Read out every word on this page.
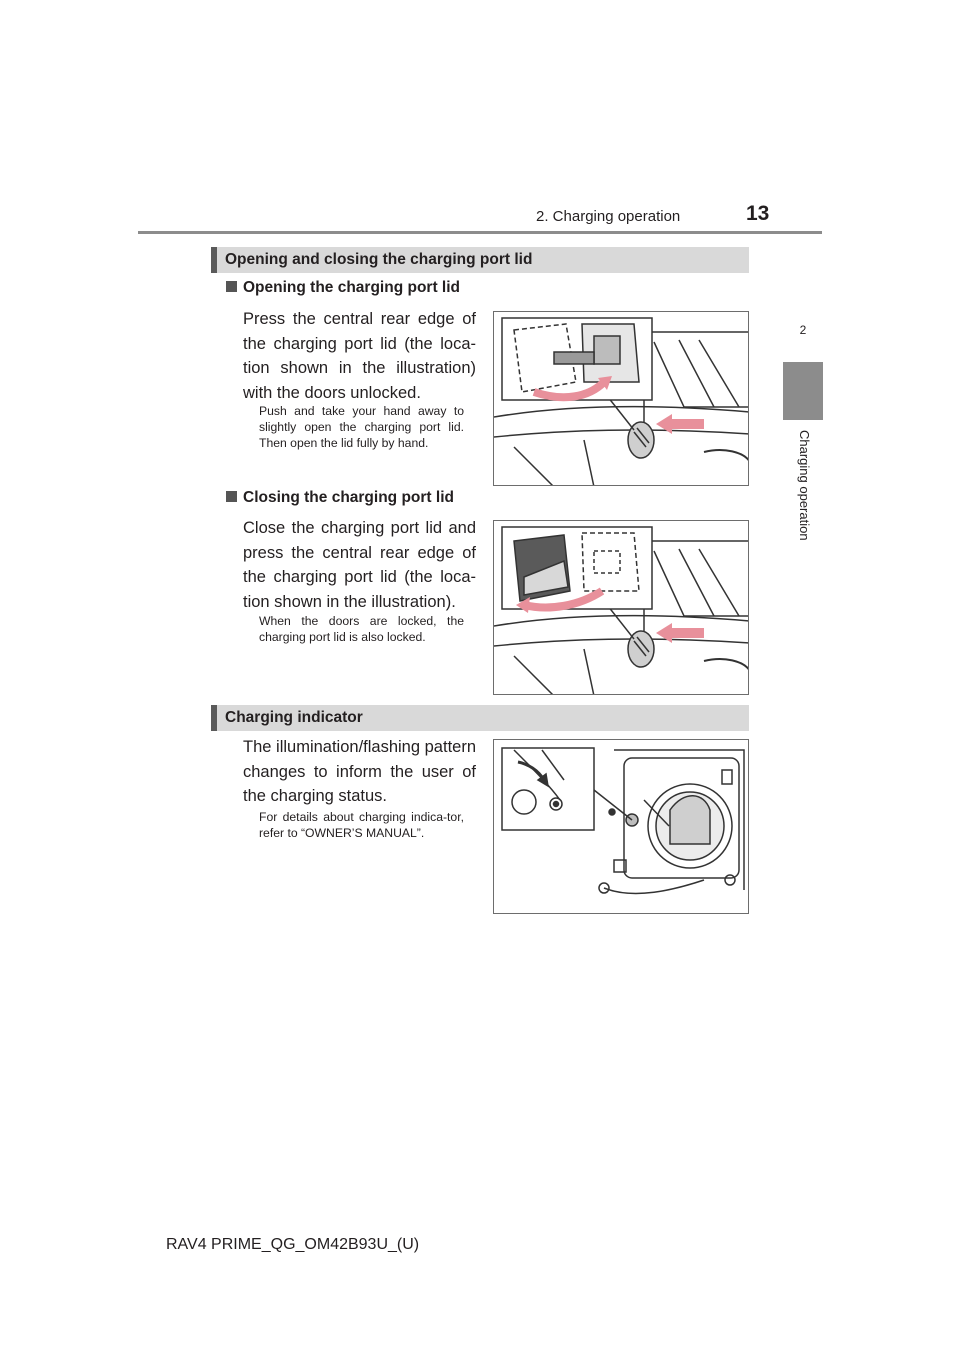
2. Charging operation	13
2
Charging operation
Opening and closing the charging port lid
Opening the charging port lid
Press the central rear edge of the charging port lid (the loca-tion shown in the illustration) with the doors unlocked.
Push and take your hand away to slightly open the charging port lid. Then open the lid fully by hand.
Closing the charging port lid
Close the charging port lid and press the central rear edge of the charging port lid (the loca-tion shown in the illustration).
When the doors are locked, the charging port lid is also locked.
Charging indicator
The illumination/flashing pattern changes to inform the user of the charging status.
For details about charging indica-tor, refer to “OWNER’S MANUAL”.
RAV4 PRIME_QG_OM42B93U_(U)
